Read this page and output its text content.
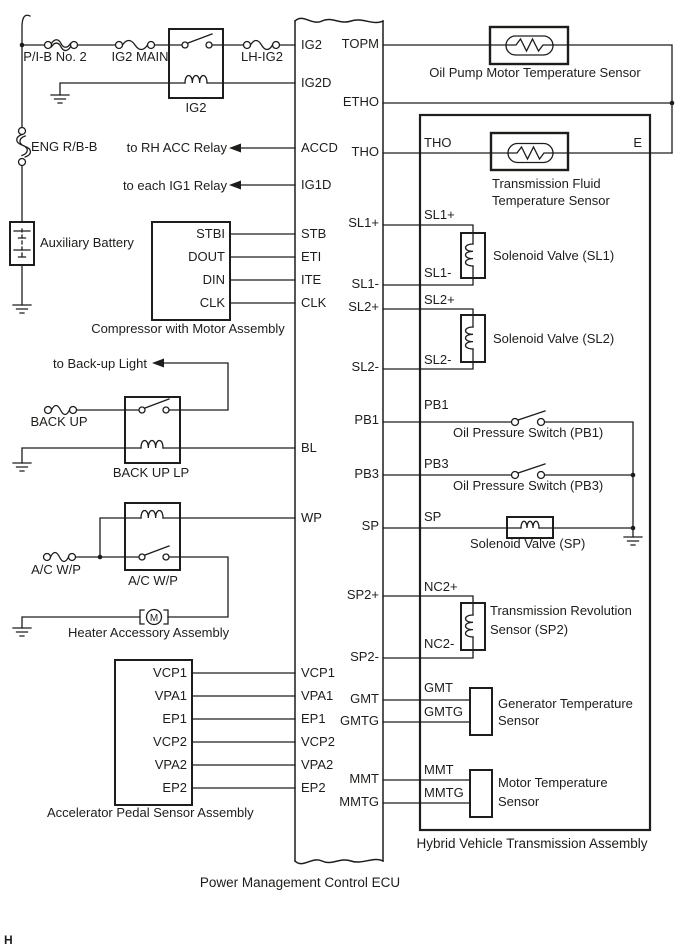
IG2
IG2D
ACCD
IG1D
STB
ETI
ITE
CLK
BL
WP
VCP1
VPA1
EP1
VCP2
VPA2
EP2
TOPM
ETHO
THO
SL1+
SL1-
SL2+
SL2-
PB1
PB3
SP
SP2+
SP2-
GMT
GMTG
MMT
MMTG
THO	E
SL1+
SL1-
SL2+
SL2-
PB1
PB3
SP
NC2+
NC2-
GMT
GMTG
MMT
MMTG
Oil Pump Motor Temperature Sensor
Transmission Fluid
Temperature Sensor
Solenoid Valve (SL1)
Solenoid Valve (SL2)
Oil Pressure Switch (PB1)
Oil Pressure Switch (PB3)
Solenoid Valve (SP)
Transmission Revolution
Sensor (SP2)
Generator Temperature
Sensor
Motor Temperature
Sensor
Hybrid Vehicle Transmission Assembly
P/I-B No. 2 IG2 MAIN	LH-IG2
IG2
ENG R/B-B to RH ACC Relay
to each IG1 Relay
Auxiliary Battery
STBI
DOUT
DIN
CLK
Compressor with Motor Assembly
to Back-up Light
BACK UP
BACK UP LP
A/C W/P
A/C W/P
M
Heater Accessory Assembly
VCP1
VPA1
EP1
VCP2
VPA2
EP2
Accelerator Pedal Sensor Assembly
Power Management Control ECU
H
